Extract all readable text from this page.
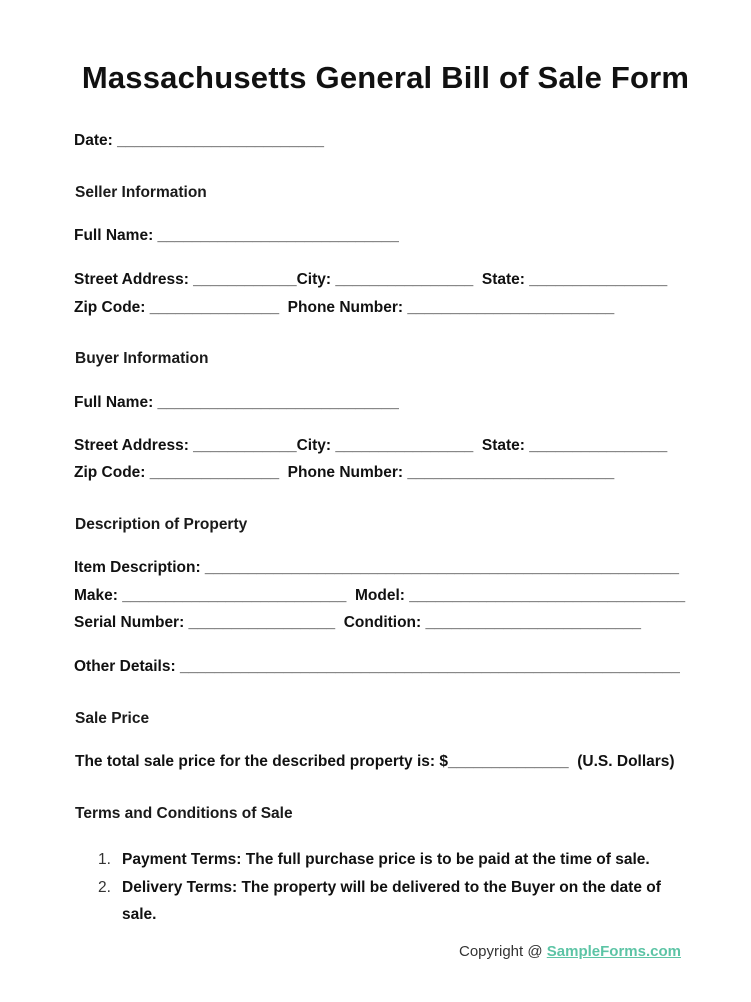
Massachusetts General Bill of Sale Form
Date: ________________________
Seller Information
Full Name: ____________________________
Street Address: ____________City: ________________  State: ________________
Zip Code: _______________  Phone Number: ________________________
Buyer Information
Full Name: ____________________________
Street Address: ____________City: ________________  State: ________________
Zip Code: _______________  Phone Number: ________________________
Description of Property
Item Description: _______________________________________________________
Make: __________________________  Model: ________________________________
Serial Number: _________________  Condition: _________________________
Other Details: __________________________________________________________
Sale Price
The total sale price for the described property is: $______________  (U.S. Dollars)
Terms and Conditions of Sale
1. Payment Terms: The full purchase price is to be paid at the time of sale.
2. Delivery Terms: The property will be delivered to the Buyer on the date of sale.
Copyright @ SampleForms.com
